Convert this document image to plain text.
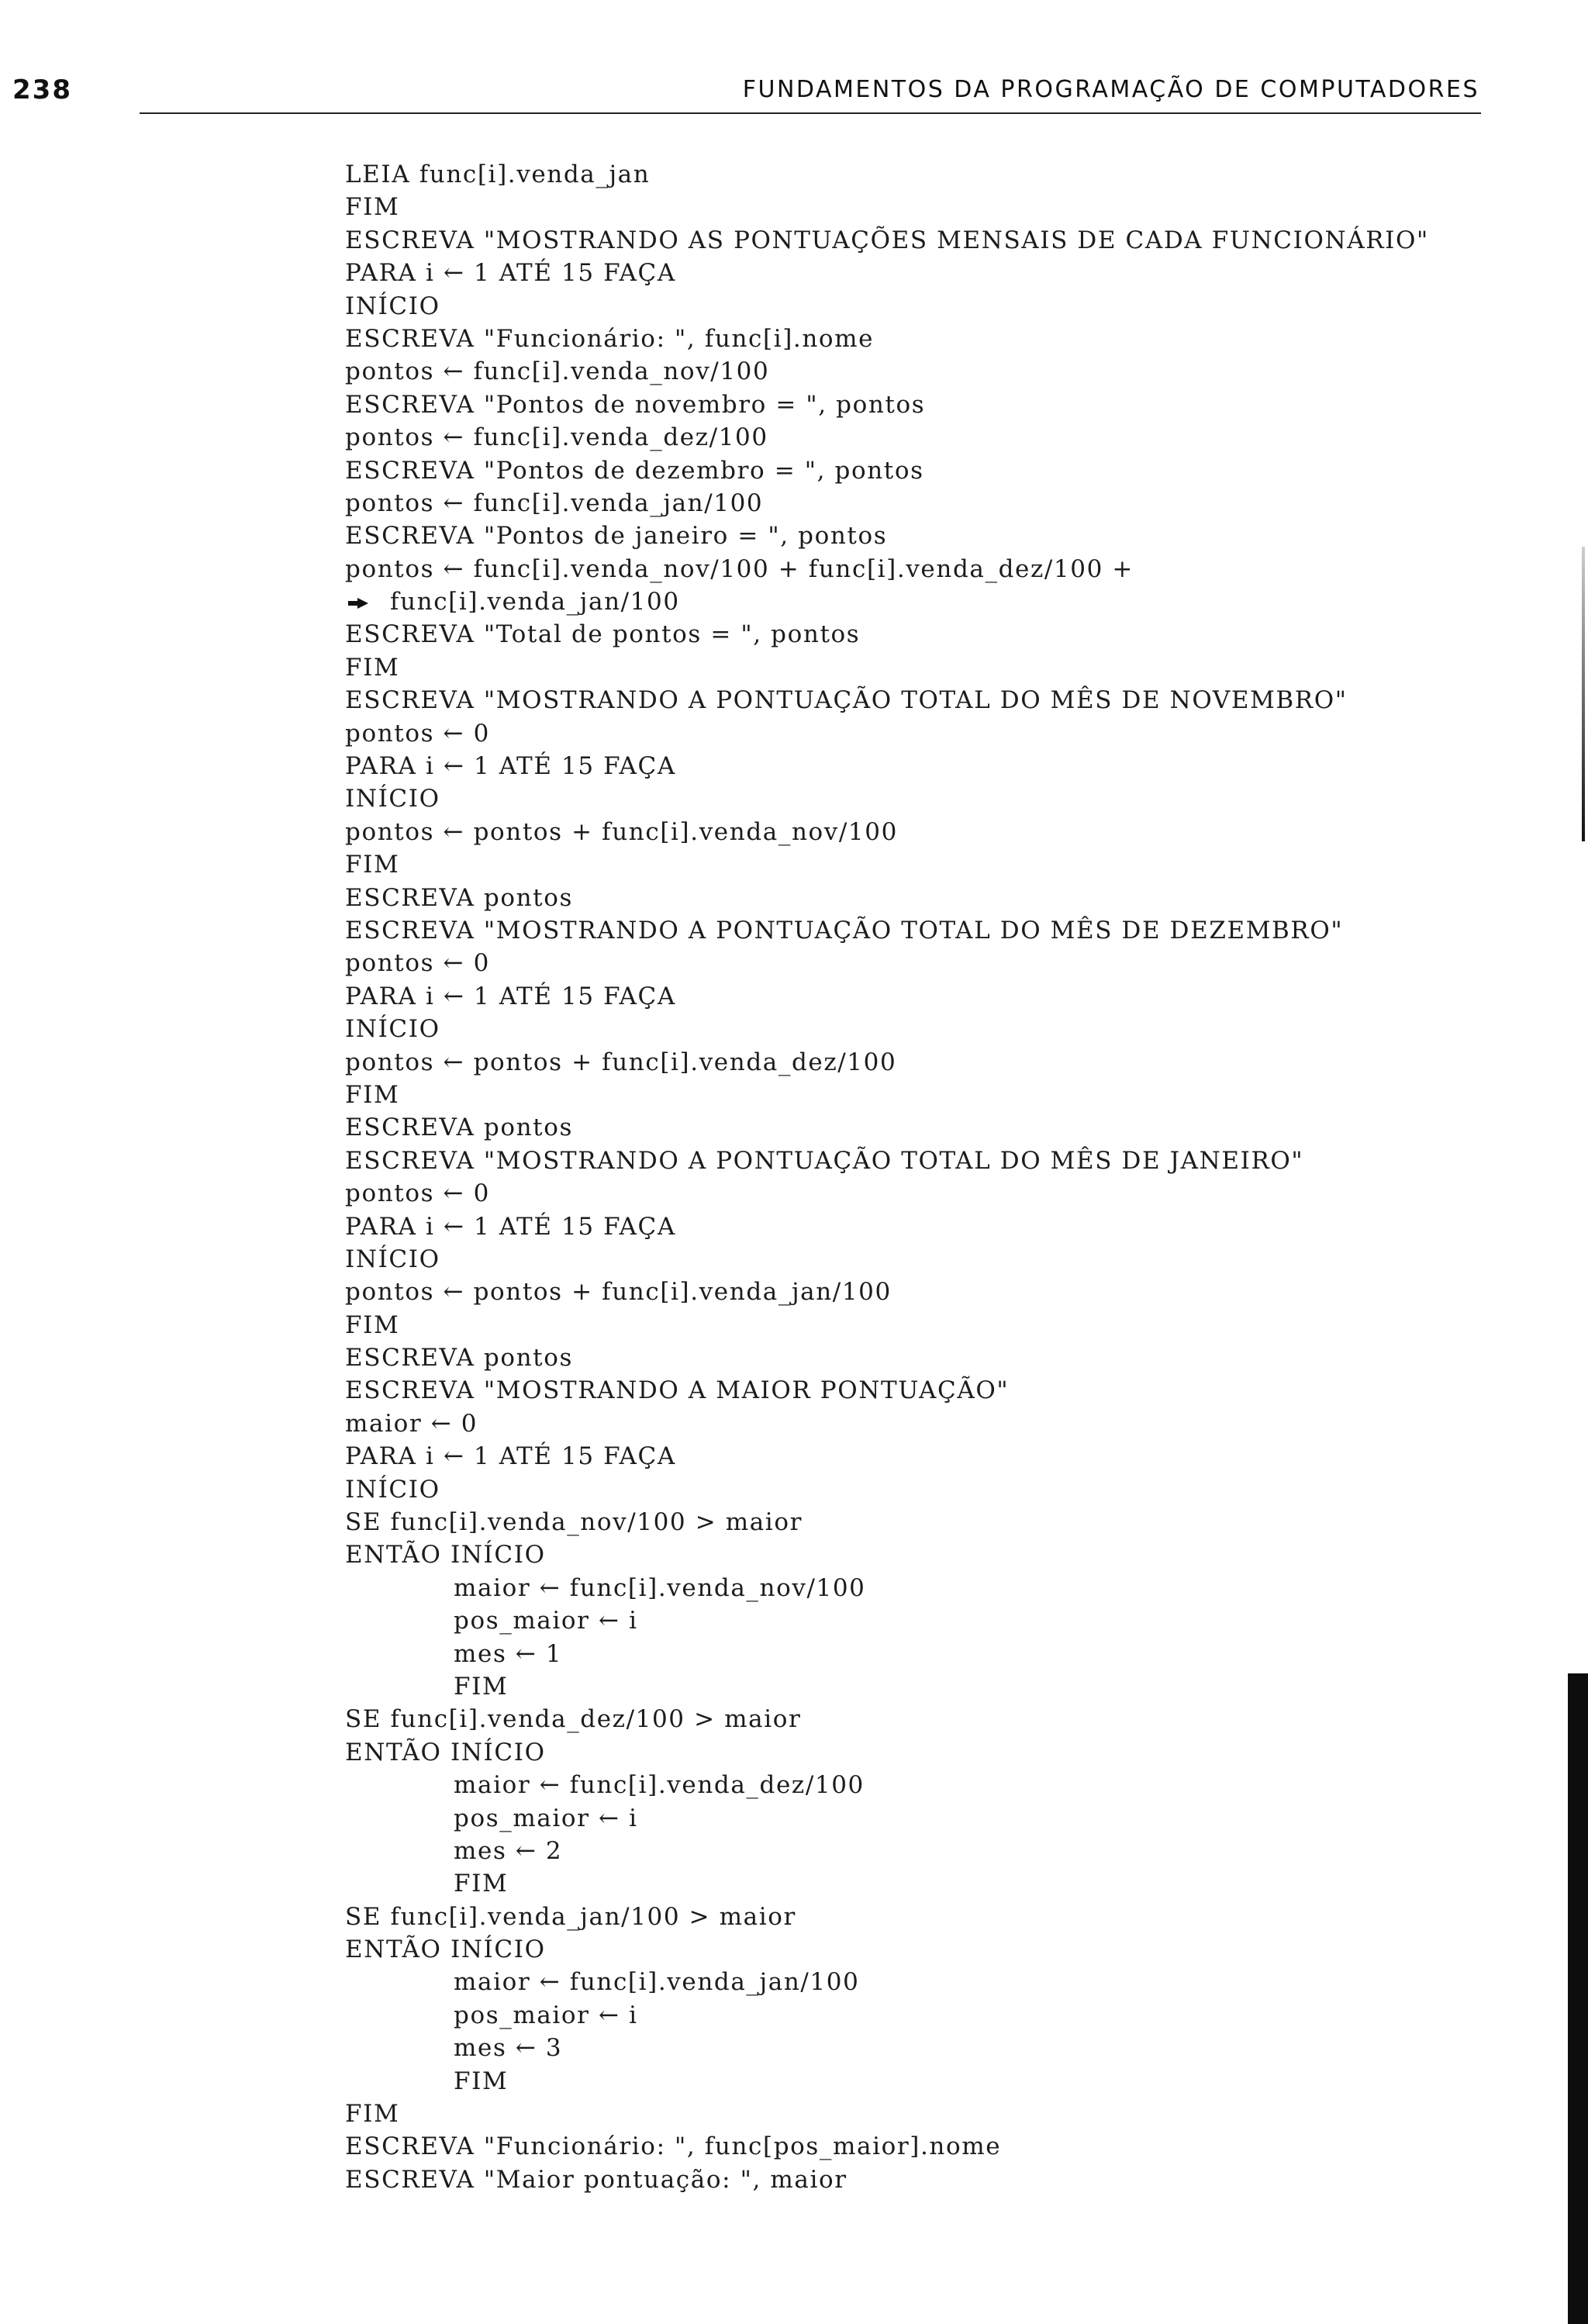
238	FUNDAMENTOS DA PROGRAMAÇÃO DE COMPUTADORES
LEIA func[i].venda_jan
FIM
ESCREVA "MOSTRANDO AS PONTUAÇÕES MENSAIS DE CADA FUNCIONÁRIO"
PARA i ← 1 ATÉ 15 FAÇA
INÍCIO
ESCREVA "Funcionário: ", func[i].nome
pontos ← func[i].venda_nov/100
ESCREVA "Pontos de novembro = ", pontos
pontos ← func[i].venda_dez/100
ESCREVA "Pontos de dezembro = ", pontos
pontos ← func[i].venda_jan/100
ESCREVA "Pontos de janeiro = ", pontos
pontos ← func[i].venda_nov/100 + func[i].venda_dez/100 +
func[i].venda_jan/100
ESCREVA "Total de pontos = ", pontos
FIM
ESCREVA "MOSTRANDO A PONTUAÇÃO TOTAL DO MÊS DE NOVEMBRO"
pontos ← 0
PARA i ← 1 ATÉ 15 FAÇA
INÍCIO
pontos ← pontos + func[i].venda_nov/100
FIM
ESCREVA pontos
ESCREVA "MOSTRANDO A PONTUAÇÃO TOTAL DO MÊS DE DEZEMBRO"
pontos ← 0
PARA i ← 1 ATÉ 15 FAÇA
INÍCIO
pontos ← pontos + func[i].venda_dez/100
FIM
ESCREVA pontos
ESCREVA "MOSTRANDO A PONTUAÇÃO TOTAL DO MÊS DE JANEIRO"
pontos ← 0
PARA i ← 1 ATÉ 15 FAÇA
INÍCIO
pontos ← pontos + func[i].venda_jan/100
FIM
ESCREVA pontos
ESCREVA "MOSTRANDO A MAIOR PONTUAÇÃO"
maior ← 0
PARA i ← 1 ATÉ 15 FAÇA
INÍCIO
SE func[i].venda_nov/100 > maior
ENTÃO INÍCIO
maior ← func[i].venda_nov/100
pos_maior ← i
mes ← 1
FIM
SE func[i].venda_dez/100 > maior
ENTÃO INÍCIO
maior ← func[i].venda_dez/100
pos_maior ← i
mes ← 2
FIM
SE func[i].venda_jan/100 > maior
ENTÃO INÍCIO
maior ← func[i].venda_jan/100
pos_maior ← i
mes ← 3
FIM
FIM
ESCREVA "Funcionário: ", func[pos_maior].nome
ESCREVA "Maior pontuação: ", maior
